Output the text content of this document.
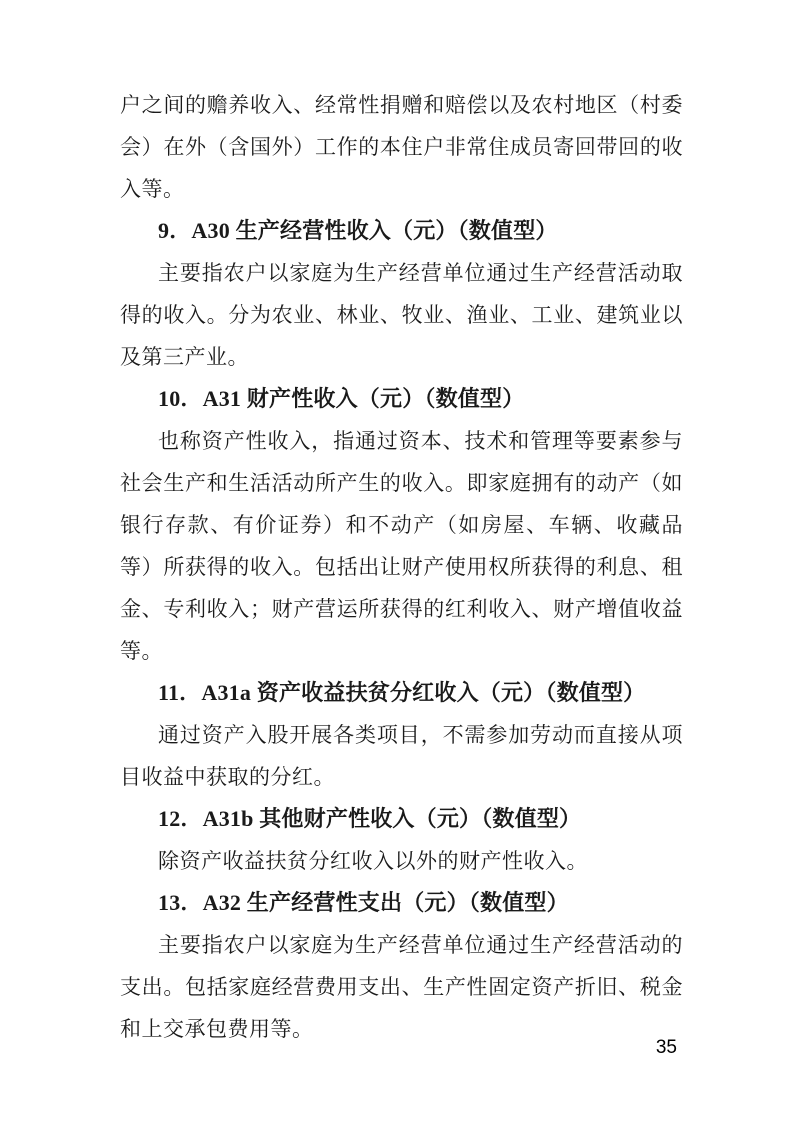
户之间的赡养收入、经常性捐赠和赔偿以及农村地区（村委会）在外（含国外）工作的本住户非常住成员寄回带回的收入等。

9．A30 生产经营性收入（元）（数值型）

主要指农户以家庭为生产经营单位通过生产经营活动取得的收入。分为农业、林业、牧业、渔业、工业、建筑业以及第三产业。

10．A31 财产性收入（元）（数值型）

也称资产性收入，指通过资本、技术和管理等要素参与社会生产和生活活动所产生的收入。即家庭拥有的动产（如银行存款、有价证券）和不动产（如房屋、车辆、收藏品等）所获得的收入。包括出让财产使用权所获得的利息、租金、专利收入；财产营运所获得的红利收入、财产增值收益等。

11．A31a 资产收益扶贫分红收入（元）（数值型）

通过资产入股开展各类项目，不需参加劳动而直接从项目收益中获取的分红。

12．A31b 其他财产性收入（元）（数值型）

除资产收益扶贫分红收入以外的财产性收入。

13．A32 生产经营性支出（元）（数值型）

主要指农户以家庭为生产经营单位通过生产经营活动的支出。包括家庭经营费用支出、生产性固定资产折旧、税金和上交承包费用等。

35
